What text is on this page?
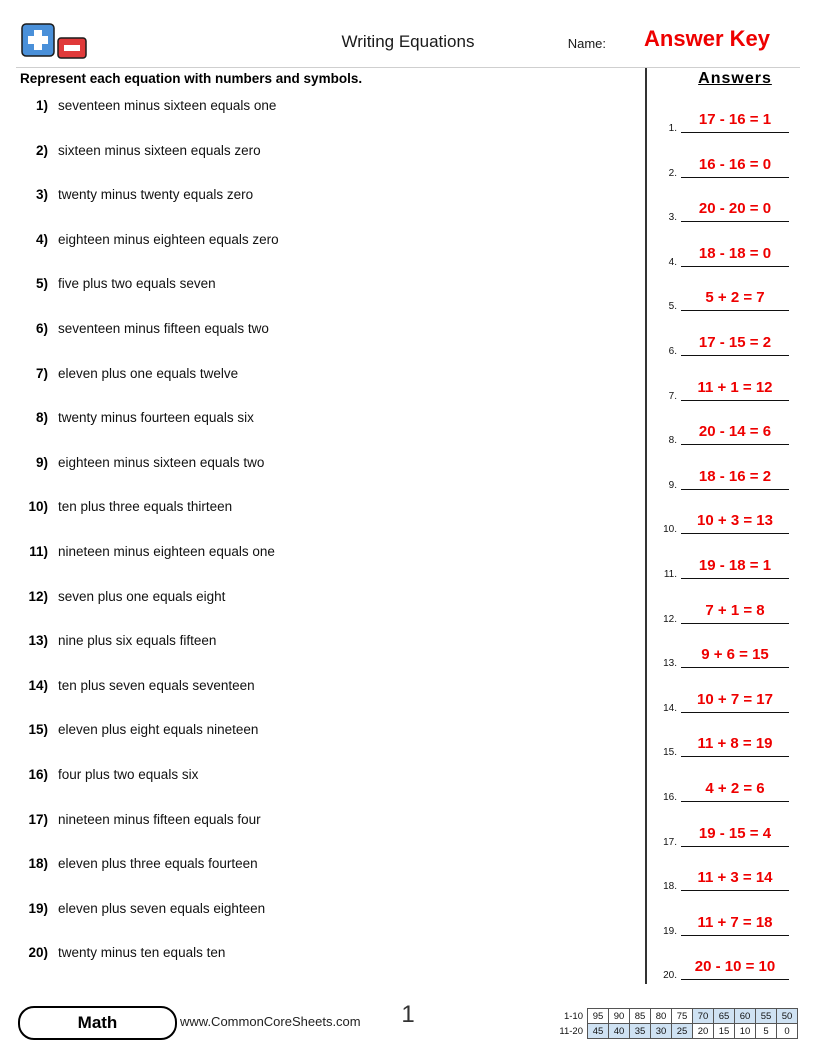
Writing Equations	Name: Answer Key
Represent each equation with numbers and symbols.	Answers
1) seventeen minus sixteen equals one
2) sixteen minus sixteen equals zero
3) twenty minus twenty equals zero
4) eighteen minus eighteen equals zero
5) five plus two equals seven
6) seventeen minus fifteen equals two
7) eleven plus one equals twelve
8) twenty minus fourteen equals six
9) eighteen minus sixteen equals two
10) ten plus three equals thirteen
11) nineteen minus eighteen equals one
12) seven plus one equals eight
13) nine plus six equals fifteen
14) ten plus seven equals seventeen
15) eleven plus eight equals nineteen
16) four plus two equals six
17) nineteen minus fifteen equals four
18) eleven plus three equals fourteen
19) eleven plus seven equals eighteen
20) twenty minus ten equals ten
1.
17 - 16 = 1
2.
16 - 16 = 0
3.
20 - 20 = 0
4.
18 - 18 = 0
5.
5 + 2 = 7
6.
17 - 15 = 2
7.
11 + 1 = 12
8.
20 - 14 = 6
9.
18 - 16 = 2
10.
10 + 3 = 13
11.
19 - 18 = 1
12.
7 + 1 = 8
13.
9 + 6 = 15
14.
10 + 7 = 17
15.
11 + 8 = 19
16.
4 + 2 = 6
17.
19 - 15 = 4
18.
11 + 3 = 14
19.
11 + 7 = 18
20.
20 - 10 = 10
Math	www.CommonCoreSheets.com	1	1-10	95	90	85	80	75	70	65	60	55	50
11-20	45	40	35	30	25	20	15	10	5	0
